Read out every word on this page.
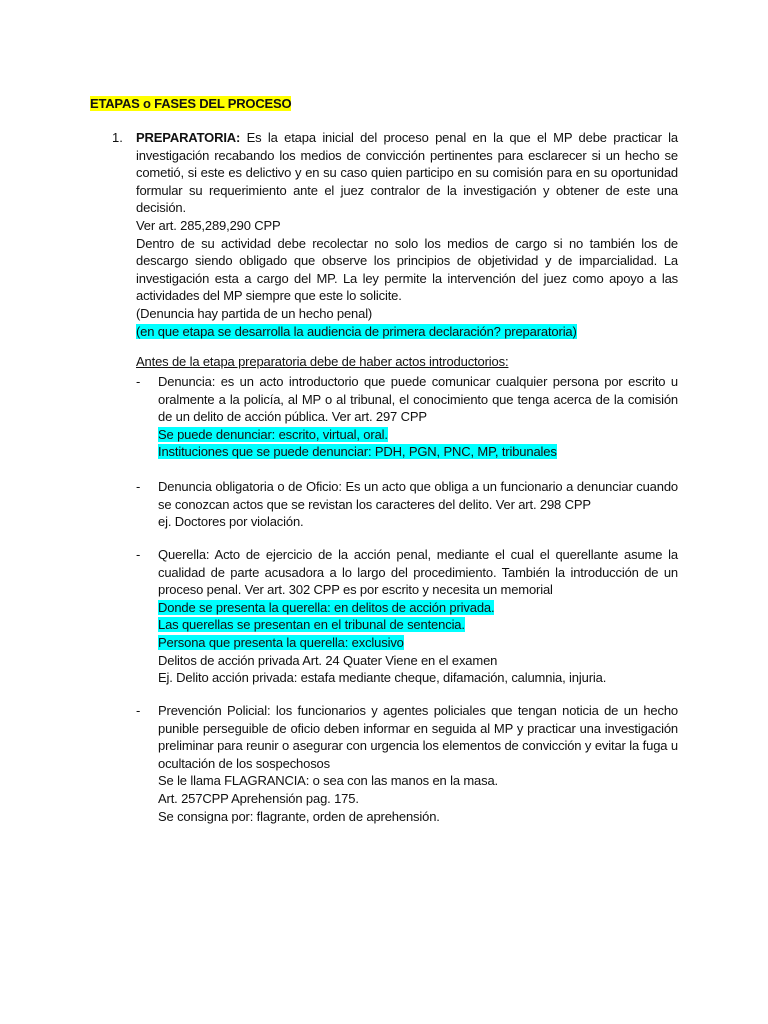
ETAPAS o FASES DEL PROCESO
1. PREPARATORIA: Es la etapa inicial del proceso penal en la que el MP debe practicar la investigación recabando los medios de convicción pertinentes para esclarecer si un hecho se cometió, si este es delictivo y en su caso quien participo en su comisión para en su oportunidad formular su requerimiento ante el juez contralor de la investigación y obtener de este una decisión.
Ver art. 285,289,290 CPP
Dentro de su actividad debe recolectar no solo los medios de cargo si no también los de descargo siendo obligado que observe los principios de objetividad y de imparcialidad. La investigación esta a cargo del MP. La ley permite la intervención del juez como apoyo a las actividades del MP siempre que este lo solicite.
(Denuncia hay partida de un hecho penal)
(en que etapa se desarrolla la audiencia de primera declaración? preparatoria)
Antes de la etapa preparatoria debe de haber actos introductorios:
- Denuncia: es un acto introductorio que puede comunicar cualquier persona por escrito u oralmente a la policía, al MP o al tribunal, el conocimiento que tenga acerca de la comisión de un delito de acción pública. Ver art. 297 CPP
Se puede denunciar: escrito, virtual, oral.
Instituciones que se puede denunciar: PDH, PGN, PNC, MP, tribunales
- Denuncia obligatoria o de Oficio: Es un acto que obliga a un funcionario a denunciar cuando se conozcan actos que se revistan los caracteres del delito. Ver art. 298 CPP
ej. Doctores por violación.
- Querella: Acto de ejercicio de la acción penal, mediante el cual el querellante asume la cualidad de parte acusadora a lo largo del procedimiento. También la introducción de un proceso penal. Ver art. 302 CPP es por escrito y necesita un memorial
Donde se presenta la querella: en delitos de acción privada.
Las querellas se presentan en el tribunal de sentencia.
Persona que presenta la querella: exclusivo
Delitos de acción privada Art. 24 Quater Viene en el examen
Ej. Delito acción privada: estafa mediante cheque, difamación, calumnia, injuria.
- Prevención Policial: los funcionarios y agentes policiales que tengan noticia de un hecho punible perseguible de oficio deben informar en seguida al MP y practicar una investigación preliminar para reunir o asegurar con urgencia los elementos de convicción y evitar la fuga u ocultación de los sospechosos
Se le llama FLAGRANCIA: o sea con las manos en la masa.
Art. 257CPP Aprehensión pag. 175.
Se consigna por: flagrante, orden de aprehensión.
